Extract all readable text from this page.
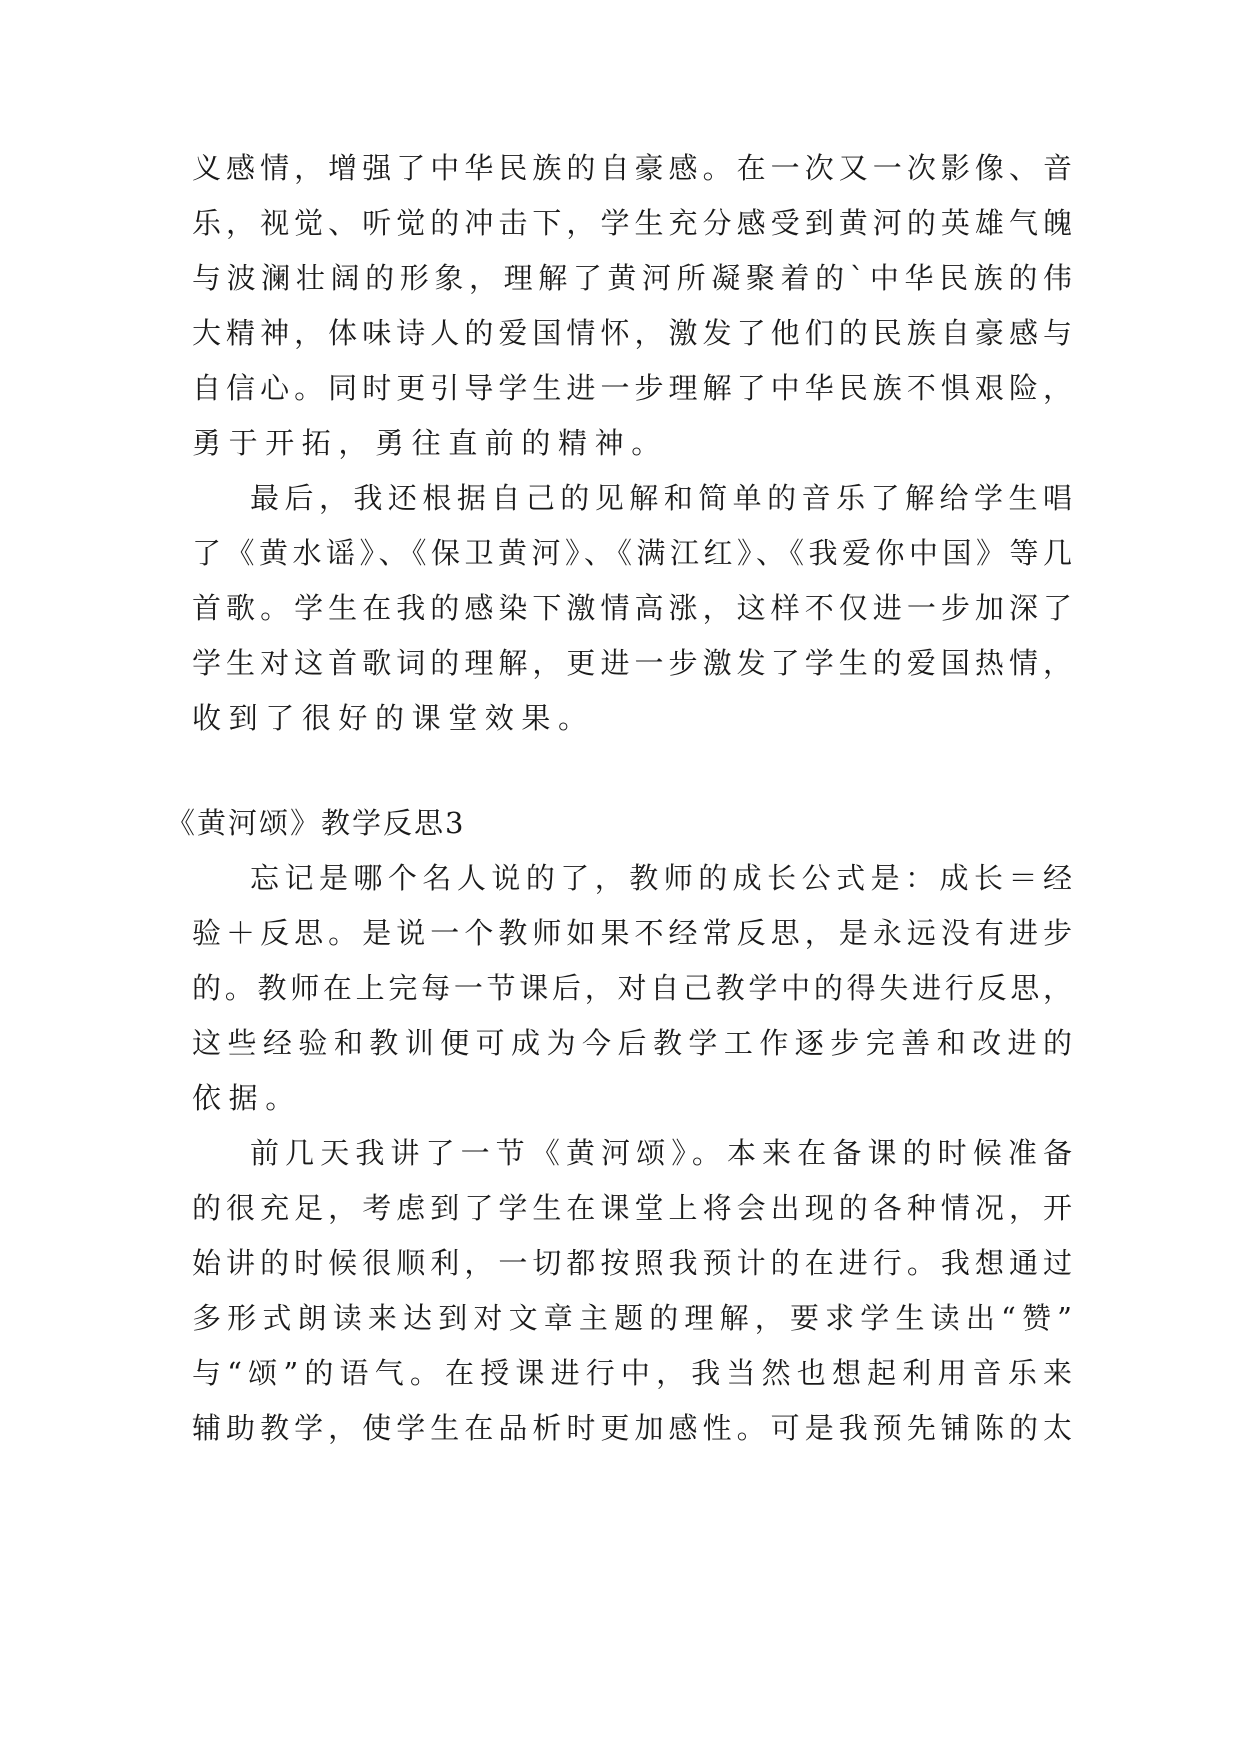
义感情，增强了中华民族的自豪感。在一次又一次影像、音
乐，视觉、听觉的冲击下，学生充分感受到黄河的英雄气魄
与波澜壮阔的形象，理解了黄河所凝聚着的`中华民族的伟
大精神，体味诗人的爱国情怀，激发了他们的民族自豪感与
自信心。同时更引导学生进一步理解了中华民族不惧艰险，
勇于开拓，勇往直前的精神。
最后，我还根据自己的见解和简单的音乐了解给学生唱
了《黄水谣》、《保卫黄河》、《满江红》、《我爱你中国》等几
首歌。学生在我的感染下激情高涨，这样不仅进一步加深了
学生对这首歌词的理解，更进一步激发了学生的爱国热情，
收到了很好的课堂效果。
《黄河颂》教学反思3
忘记是哪个名人说的了，教师的成长公式是：成长＝经
验＋反思。是说一个教师如果不经常反思，是永远没有进步
的。教师在上完每一节课后，对自己教学中的得失进行反思，
这些经验和教训便可成为今后教学工作逐步完善和改进的
依据。
前几天我讲了一节《黄河颂》。本来在备课的时候准备
的很充足，考虑到了学生在课堂上将会出现的各种情况，开
始讲的时候很顺利，一切都按照我预计的在进行。我想通过
多形式朗读来达到对文章主题的理解，要求学生读出“赞”
与“颂”的语气。在授课进行中，我当然也想起利用音乐来
辅助教学，使学生在品析时更加感性。可是我预先铺陈的太
